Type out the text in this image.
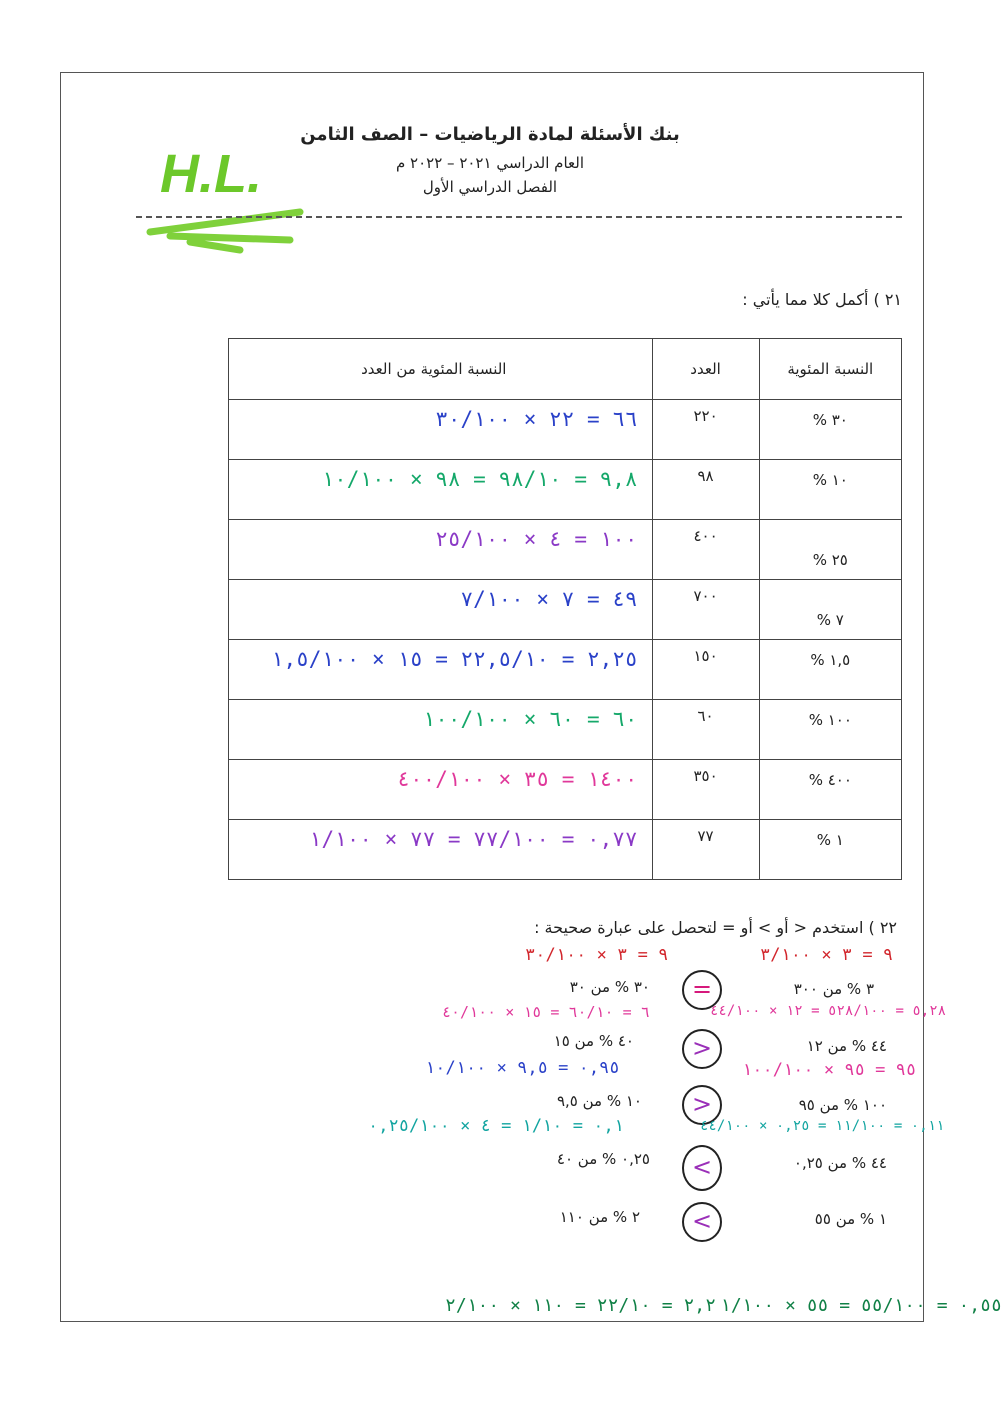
H.L.
بنك الأسئلة لمادة الرياضيات – الصف الثامن
العام الدراسي ٢٠٢١ – ٢٠٢٢ م
الفصل الدراسي الأول
٢١ ) أكمل كلا مما يأتي :
النسبة المئوية من العدد	العدد	النسبة المئوية

٦٦ = ٢٢ × ٣٠/١٠٠	٢٢٠	٣٠ %

٩,٨ = ٩٨/١٠ = ٩٨ × ١٠/١٠٠	٩٨	١٠ %

١٠٠ = ٤ × ٢٥/١٠٠	٤٠٠	٢٥ %

٤٩ = ٧ × ٧/١٠٠	٧٠٠	٧ %

٢,٢٥ = ٢٢,٥/١٠ = ١٥ × ١,٥/١٠٠	١٥٠	١,٥ %

٦٠ = ٦٠ × ١٠٠/١٠٠	٦٠	١٠٠ %

١٤٠٠ = ٣٥ × ٤٠٠/١٠٠	٣٥٠	٤٠٠ %

٠,٧٧ = ٧٧/١٠٠ = ٧٧ × ١/١٠٠	٧٧	١ %
٢٢ ) استخدم < أو > أو = لتحصل على عبارة صحيحة :
٩ = ٣ × ٣/١٠٠
٩ = ٣ × ٣٠/١٠٠
٣ % من ٣٠٠
٣٠ % من ٣٠	=
٥,٢٨ = ٥٢٨/١٠٠ = ١٢ × ٤٤/١٠٠
٦ = ٦٠/١٠ = ١٥ × ٤٠/١٠٠
٤٤ % من ١٢
٤٠ % من ١٥	>
٩٥ = ٩٥ × ١٠٠/١٠٠
٠,٩٥ = ٩,٥ × ١٠/١٠٠
١٠٠ % من ٩٥
١٠ % من ٩,٥	>
٠,١١ = ١١/١٠٠ = ٠,٢٥ × ٤٤/١٠٠
٠,١ = ١/١٠ = ٤ × ٠,٢٥/١٠٠
٤٤ % من ٠,٢٥
٠,٢٥ % من ٤٠	<
١ % من ٥٥
٢ % من ١١٠	<
٠,٥٥ = ٥٥/١٠٠ = ٥٥ × ١/١٠٠
٢,٢ = ٢٢/١٠ = ١١٠ × ٢/١٠٠
